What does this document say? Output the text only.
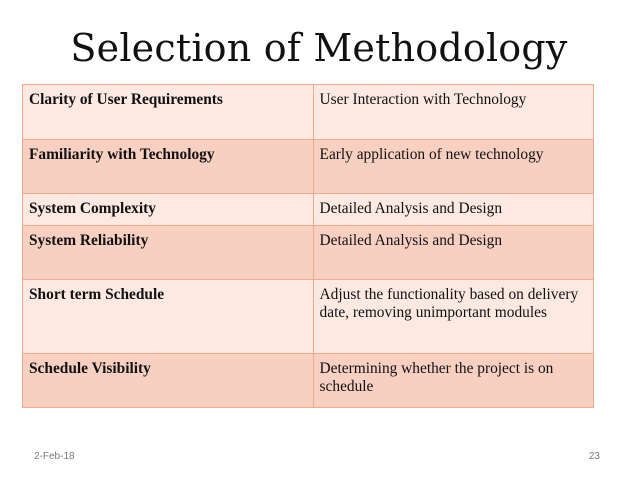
Selection of Methodology
Clarity of User Requirements	User Interaction with Technology
Familiarity with Technology	Early application of new technology
System Complexity	Detailed Analysis and Design
System Reliability	Detailed Analysis and Design
Short term Schedule	Adjust the functionality based on delivery date, removing unimportant modules
Schedule Visibility	Determining whether the project is on schedule
2-Feb-18	23
